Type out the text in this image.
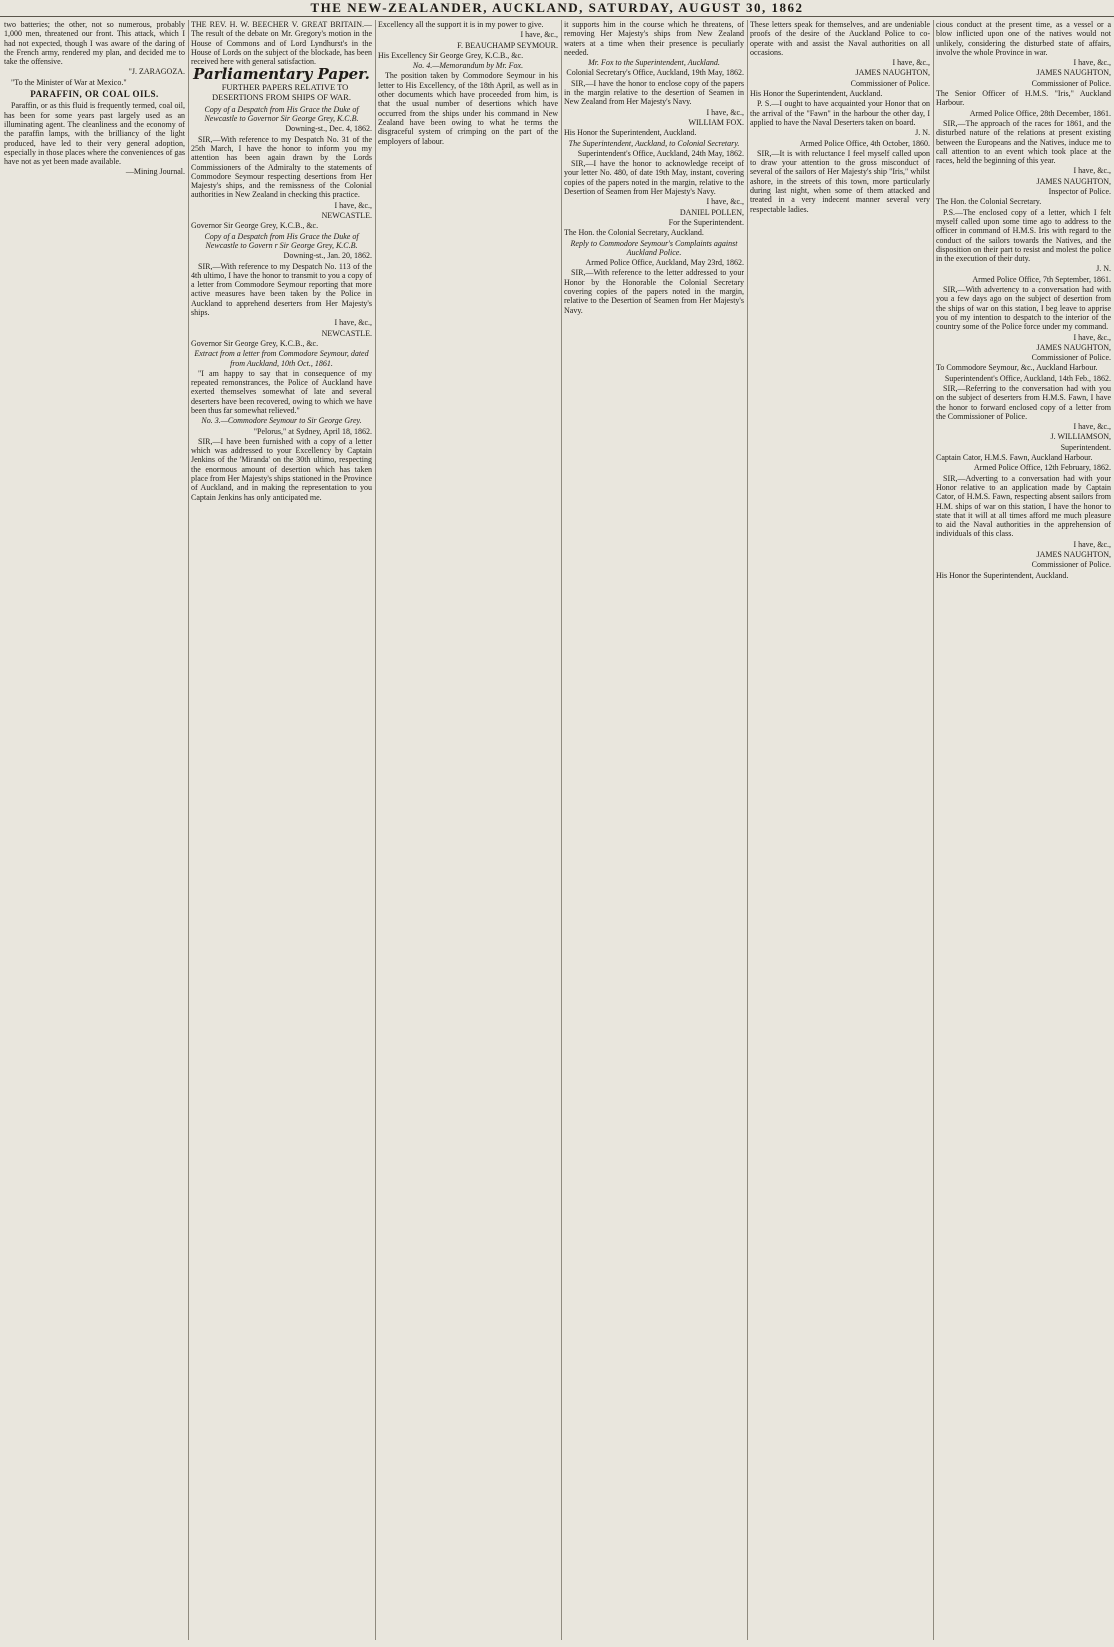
THE NEW-ZEALANDER, AUCKLAND, SATURDAY, AUGUST 30, 1862

two batteries; the other, not so numerous, probably 1,000 men, threatened our front. This attack, which I had not expected, though I was aware of the daring of the French army, rendered my plan, and decided me to take the offensive.

"J. ZARAGOZA.

"To the Minister of War at Mexico."

PARAFFIN, OR COAL OILS.

Paraffin, or as this fluid is frequently termed, coal oil, has been for some years past largely used as an illuminating agent. The cleanliness and the economy of the paraffin lamps, with the brilliancy of the light produced, have led to their very general adoption, especially in those places where the conveniences of gas have not as yet been made available.

—Mining Journal.

THE REV. H. W. BEECHER V. GREAT BRITAIN.—The result of the debate on Mr. Gregory's motion in the House of Commons and of Lord Lyndhurst's in the House of Lords on the subject of the blockade, has been received here with general satisfaction.

Parliamentary Paper.

FURTHER PAPERS RELATIVE TO DESERTIONS FROM SHIPS OF WAR.

Copy of a Despatch from His Grace the Duke of Newcastle to Governor Sir George Grey, K.C.B.

Downing-st., Dec. 4, 1862.

SIR,—With reference to my Despatch No. 31 of the 25th March, I have the honor to inform you my attention has been again drawn by the Lords Commissioners of the Admiralty to the statements of Commodore Seymour respecting desertions from Her Majesty's ships, and the remissness of the Colonial authorities in New Zealand in checking this practice.

I have, &c.,

NEWCASTLE.

Governor Sir George Grey, K.C.B., &c.

Copy of a Despatch from His Grace the Duke of Newcastle to Govern r Sir George Grey, K.C.B.

Downing-st., Jan. 20, 1862.

SIR,—With reference to my Despatch No. 113 of the 4th ultimo, I have the honor to transmit to you a copy of a letter from Commodore Seymour reporting that more active measures have been taken by the Police in Auckland to apprehend deserters from Her Majesty's ships.

I have, &c.,

NEWCASTLE.

Governor Sir George Grey, K.C.B., &c.

Extract from a letter from Commodore Seymour, dated from Auckland, 10th Oct., 1861.

"I am happy to say that in consequence of my repeated remonstrances, the Police of Auckland have exerted themselves somewhat of late and several deserters have been recovered, owing to which we have been thus far somewhat relieved."

No. 3.—Commodore Seymour to Sir George Grey.

"Pelorus," at Sydney, April 18, 1862.

SIR,—I have been furnished with a copy of a letter which was addressed to your Excellency by Captain Jenkins of the 'Miranda' on the 30th ultimo, respecting the enormous amount of desertion which has taken place from Her Majesty's ships stationed in the Province of Auckland, and in making the representation to you Captain Jenkins has only anticipated me.

Excellency all the support it is in my power to give.

I have, &c.,

F. BEAUCHAMP SEYMOUR.

His Excellency Sir George Grey, K.C.B., &c.

No. 4.—Memorandum by Mr. Fox.

The position taken by Commodore Seymour in his letter to His Excellency, of the 18th April, as well as in other documents which have proceeded from him, is that the usual number of desertions which have occurred from the ships under his command in New Zealand have been owing to what he terms the disgraceful system of crimping on the part of the employers of labour.

it supports him in the course which he threatens, of removing Her Majesty's ships from New Zealand waters at a time when their presence is peculiarly needed.

Mr. Fox to the Superintendent, Auckland.

Colonial Secretary's Office, Auckland, 19th May, 1862.

SIR,—I have the honor to enclose copy of the papers in the margin relative to the desertion of Seamen in New Zealand from Her Majesty's Navy.

I have, &c.,

WILLIAM FOX.

His Honor the Superintendent, Auckland.

The Superintendent, Auckland, to Colonial Secretary.

Superintendent's Office, Auckland, 24th May, 1862.

SIR,—I have the honor to acknowledge receipt of your letter No. 480, of date 19th May, instant, covering copies of the papers noted in the margin, relative to the Desertion of Seamen from Her Majesty's Navy.

I have, &c.,

DANIEL POLLEN,

For the Superintendent.

The Hon. the Colonial Secretary, Auckland.

Reply to Commodore Seymour's Complaints against Auckland Police.

Armed Police Office, Auckland, May 23rd, 1862.

SIR,—With reference to the letter addressed to your Honor by the Honorable the Colonial Secretary covering copies of the papers noted in the margin, relative to the Desertion of Seamen from Her Majesty's Navy.

These letters speak for themselves, and are undeniable proofs of the desire of the Auckland Police to co-operate with and assist the Naval authorities on all occasions.

I have, &c.,

JAMES NAUGHTON,

Commissioner of Police.

His Honor the Superintendent, Auckland.

P. S.—I ought to have acquainted your Honor that on the arrival of the "Fawn" in the harbour the other day, I applied to have the Naval Deserters taken on board.

J. N.

Armed Police Office, 4th October, 1860.

SIR,—It is with reluctance I feel myself called upon to draw your attention to the gross misconduct of several of the sailors of Her Majesty's ship "Iris," whilst ashore, in the streets of this town, more particularly during last night, when some of them attacked and treated in a very indecent manner several very respectable ladies.

cious conduct at the present time, as a vessel or a blow inflicted upon one of the natives would not unlikely, considering the disturbed state of affairs, involve the whole Province in war.

I have, &c.,

JAMES NAUGHTON,

Commissioner of Police.

The Senior Officer of H.M.S. "Iris," Auckland Harbour.

Armed Police Office, 28th December, 1861.

SIR,—The approach of the races for 1861, and the disturbed nature of the relations at present existing between the Europeans and the Natives, induce me to call attention to an event which took place at the races, held the beginning of this year.

I have, &c.,

JAMES NAUGHTON,

Inspector of Police.

The Hon. the Colonial Secretary.

P.S.—The enclosed copy of a letter, which I felt myself called upon some time ago to address to the officer in command of H.M.S. Iris with regard to the conduct of the sailors towards the Natives, and the disposition on their part to resist and molest the police in the execution of their duty.

J. N.

Armed Police Office, 7th September, 1861.

SIR,—With advertency to a conversation had with you a few days ago on the subject of desertion from the ships of war on this station, I beg leave to apprise you of my intention to despatch to the interior of the country some of the Police force under my command.

I have, &c.,

JAMES NAUGHTON,

Commissioner of Police.

To Commodore Seymour, &c., Auckland Harbour.

Superintendent's Office, Auckland, 14th Feb., 1862.

SIR,—Referring to the conversation had with you on the subject of deserters from H.M.S. Fawn, I have the honor to forward enclosed copy of a letter from the Commissioner of Police.

I have, &c.,

J. WILLIAMSON,

Superintendent.

Captain Cator, H.M.S. Fawn, Auckland Harbour.

Armed Police Office, 12th February, 1862.

SIR,—Adverting to a conversation had with your Honor relative to an application made by Captain Cator, of H.M.S. Fawn, respecting absent sailors from H.M. ships of war on this station, I have the honor to state that it will at all times afford me much pleasure to aid the Naval authorities in the apprehension of individuals of this class.

I have, &c.,

JAMES NAUGHTON,

Commissioner of Police.

His Honor the Superintendent, Auckland.
